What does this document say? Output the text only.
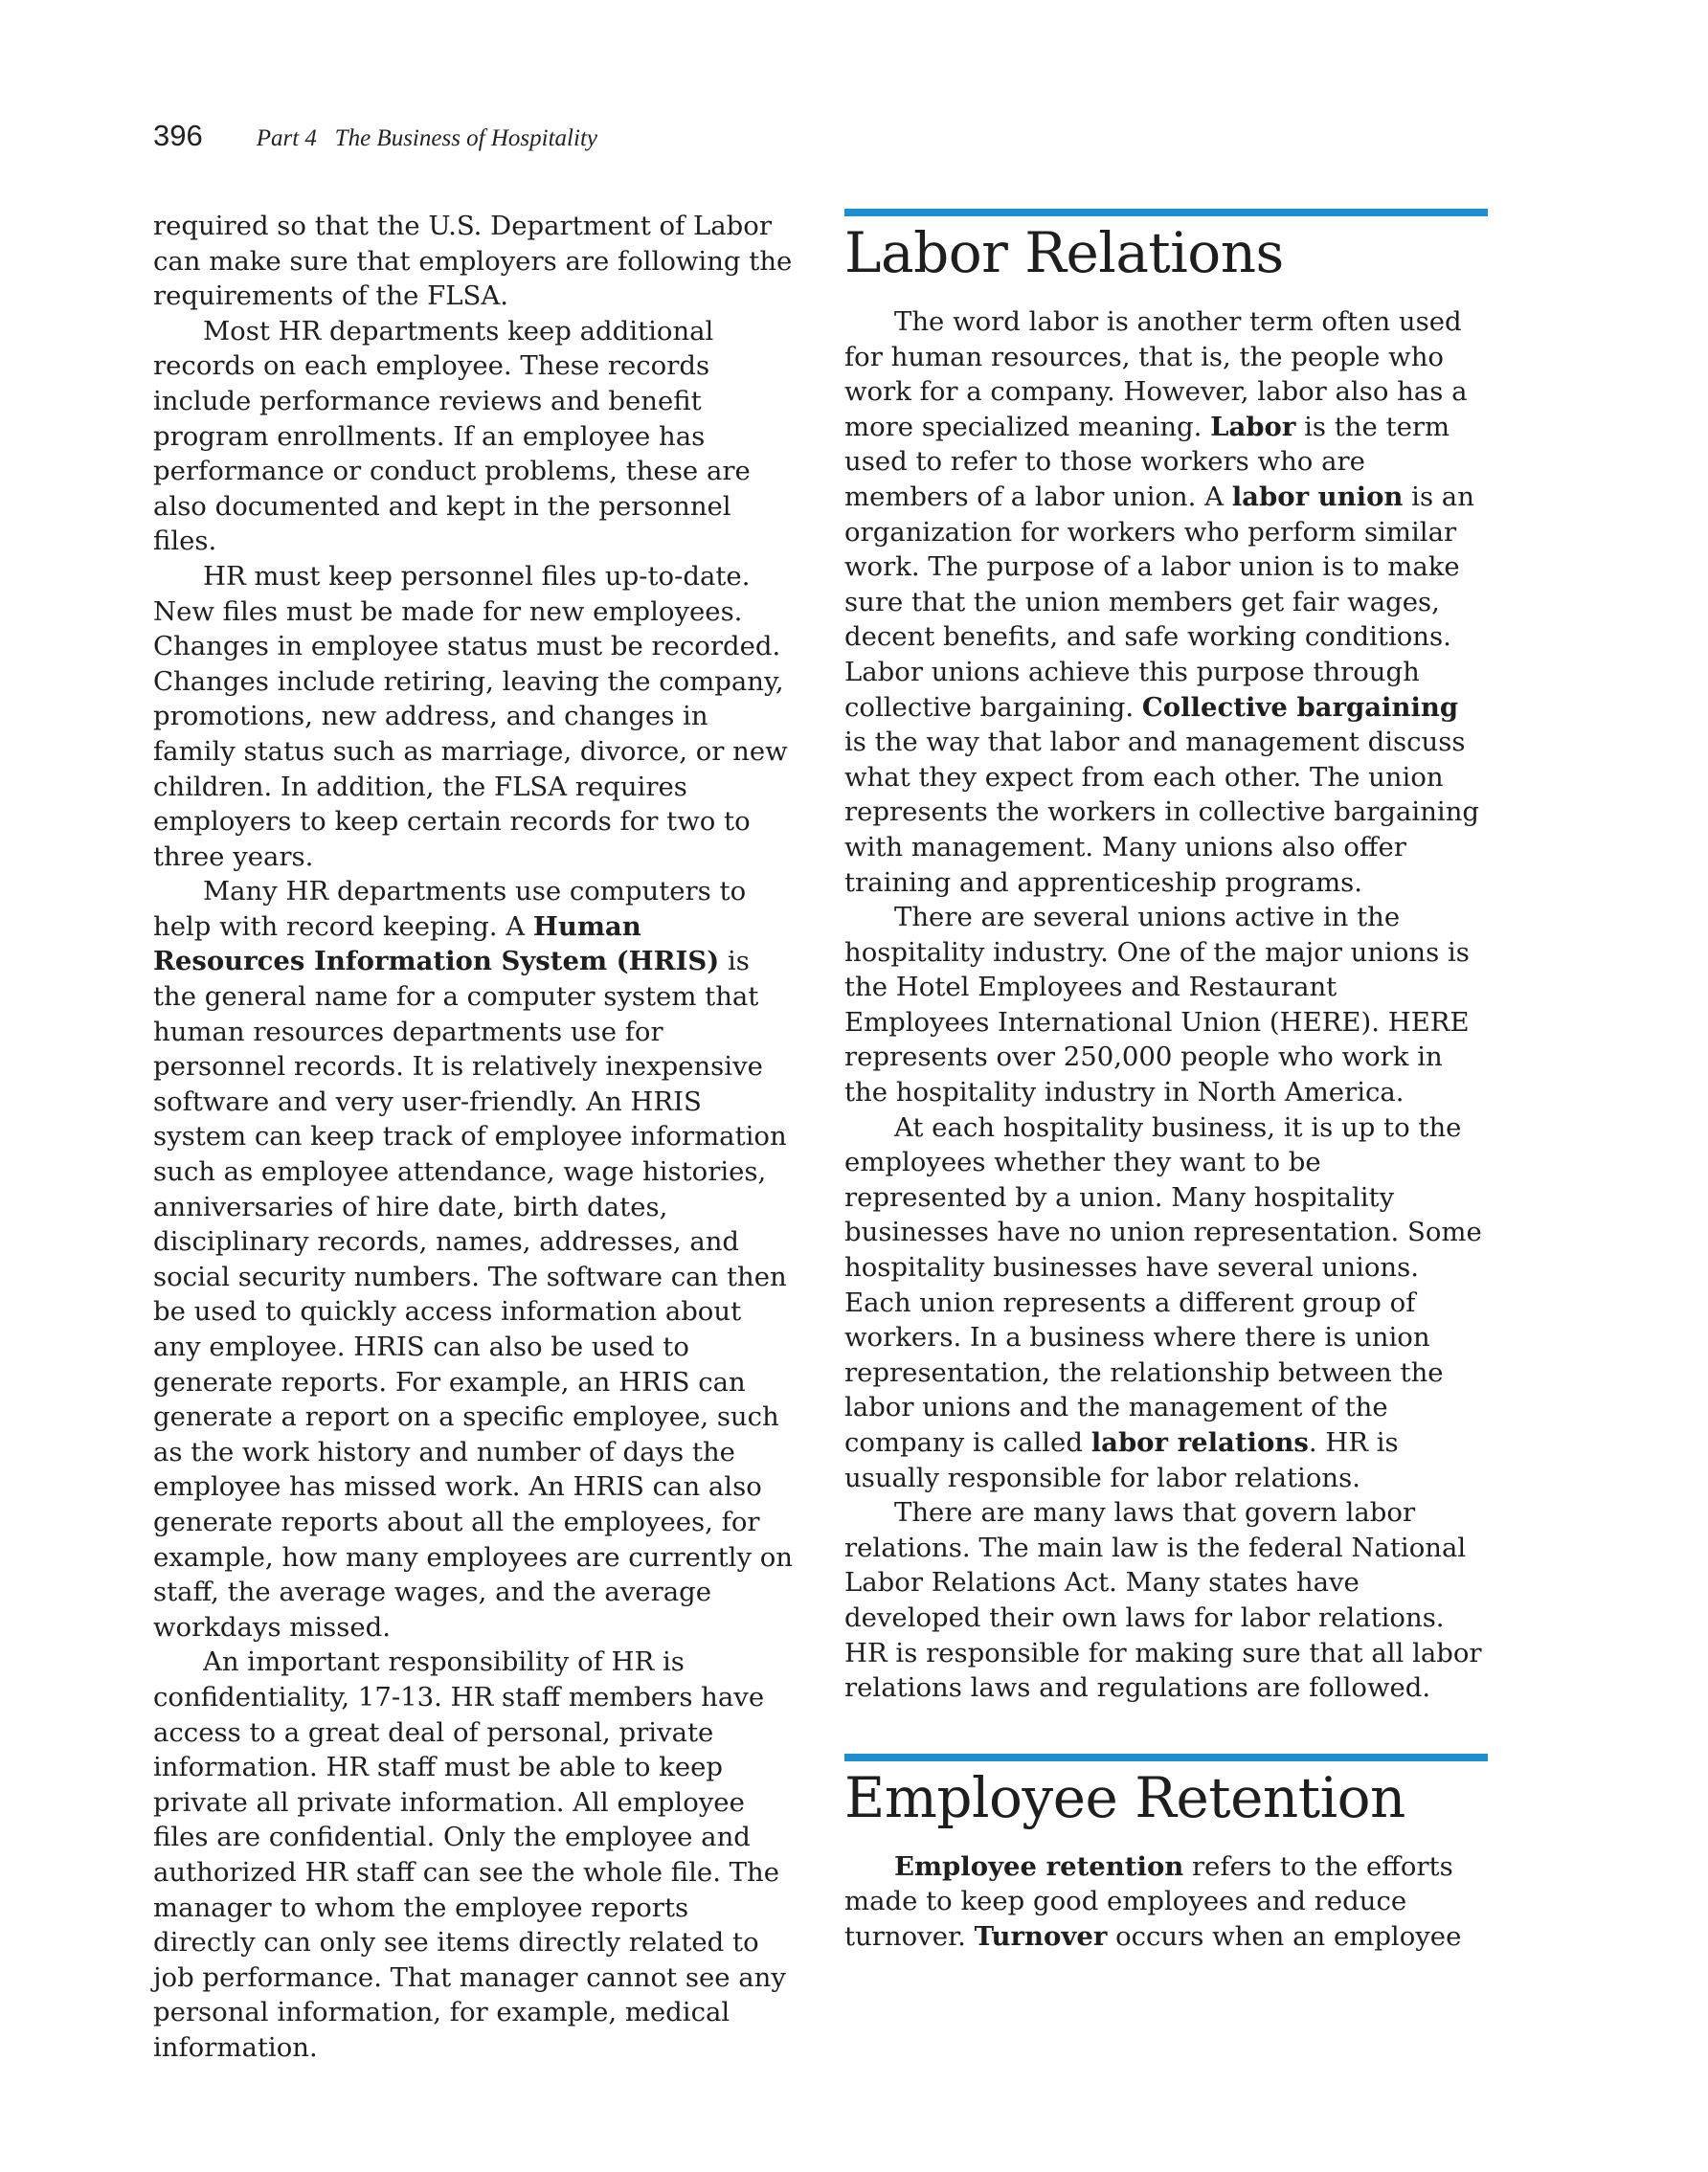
396 Part 4   The Business of Hospitality

required so that the U.S. Department of Labor can make sure that employers are following the requirements of the FLSA.

Most HR departments keep additional records on each employee. These records include performance reviews and benefit program enrollments. If an employee has performance or conduct problems, these are also documented and kept in the personnel files.

HR must keep personnel files up-to-date. New files must be made for new employees. Changes in employee status must be recorded. Changes include retiring, leaving the company, promotions, new address, and changes in family status such as marriage, divorce, or new children. In addition, the FLSA requires employers to keep certain records for two to three years.

Many HR departments use computers to help with record keeping. A Human Resources Information System (HRIS) is the general name for a computer system that human resources departments use for personnel records. It is relatively inexpensive software and very user-friendly. An HRIS system can keep track of employee information such as employee attendance, wage histories, anniversaries of hire date, birth dates, disciplinary records, names, addresses, and social security numbers. The software can then be used to quickly access information about any employee. HRIS can also be used to generate reports. For example, an HRIS can generate a report on a specific employee, such as the work history and number of days the employee has missed work. An HRIS can also generate reports about all the employees, for example, how many employees are currently on staff, the average wages, and the average workdays missed.

An important responsibility of HR is confidentiality, 17-13. HR staff members have access to a great deal of personal, private information. HR staff must be able to keep private all private information. All employee files are confidential. Only the employee and authorized HR staff can see the whole file. The manager to whom the employee reports directly can only see items directly related to job performance. That manager cannot see any personal information, for example, medical information.

Labor Relations

The word labor is another term often used for human resources, that is, the people who work for a company. However, labor also has a more specialized meaning. Labor is the term used to refer to those workers who are members of a labor union. A labor union is an organization for workers who perform similar work. The purpose of a labor union is to make sure that the union members get fair wages, decent benefits, and safe working conditions. Labor unions achieve this purpose through collective bargaining. Collective bargaining is the way that labor and management discuss what they expect from each other. The union represents the workers in collective bargaining with management. Many unions also offer training and apprenticeship programs.

There are several unions active in the hospitality industry. One of the major unions is the Hotel Employees and Restaurant Employees International Union (HERE). HERE represents over 250,000 people who work in the hospitality industry in North America.

At each hospitality business, it is up to the employees whether they want to be represented by a union. Many hospitality businesses have no union representation. Some hospitality businesses have several unions. Each union represents a different group of workers. In a business where there is union representation, the relationship between the labor unions and the management of the company is called labor relations. HR is usually responsible for labor relations.

There are many laws that govern labor relations. The main law is the federal National Labor Relations Act. Many states have developed their own laws for labor relations. HR is responsible for making sure that all labor relations laws and regulations are followed.

Employee Retention

Employee retention refers to the efforts made to keep good employees and reduce turnover. Turnover occurs when an employee
